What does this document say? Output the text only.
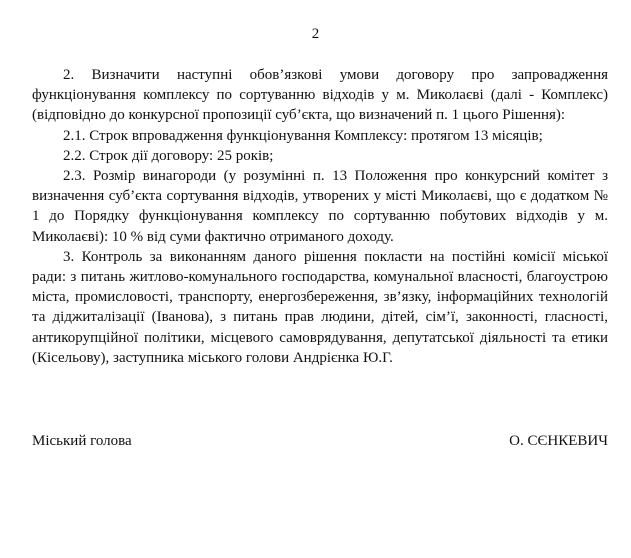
2

2. Визначити наступні обов’язкові умови договору про запровадження функціонування комплексу по сортуванню відходів у м. Миколаєві (далі - Комплекс) (відповідно до конкурсної пропозиції суб’єкта, що визначений п. 1 цього Рішення):

2.1. Строк впровадження функціонування Комплексу: протягом 13 місяців;

2.2. Строк дії договору: 25 років;

2.3. Розмір винагороди (у розумінні п. 13 Положення про конкурсний комітет з визначення суб’єкта сортування відходів, утворених у місті Миколаєві, що є додатком № 1 до Порядку функціонування комплексу по сортуванню побутових відходів у м. Миколаєві): 10 % від суми фактично отриманого доходу.

3. Контроль за виконанням даного рішення покласти на постійні комісії міської ради: з питань житлово-комунального господарства, комунальної власності, благоустрою міста, промисловості, транспорту, енергозбереження, зв’язку, інформаційних технологій та діджиталізації (Іванова), з питань прав людини, дітей, сім’ї, законності, гласності, антикорупційної політики, місцевого самоврядування, депутатської діяльності та етики (Кісельову), заступника міського голови Андрієнка Ю.Г.

Міський голова	О. СЄНКЕВИЧ
